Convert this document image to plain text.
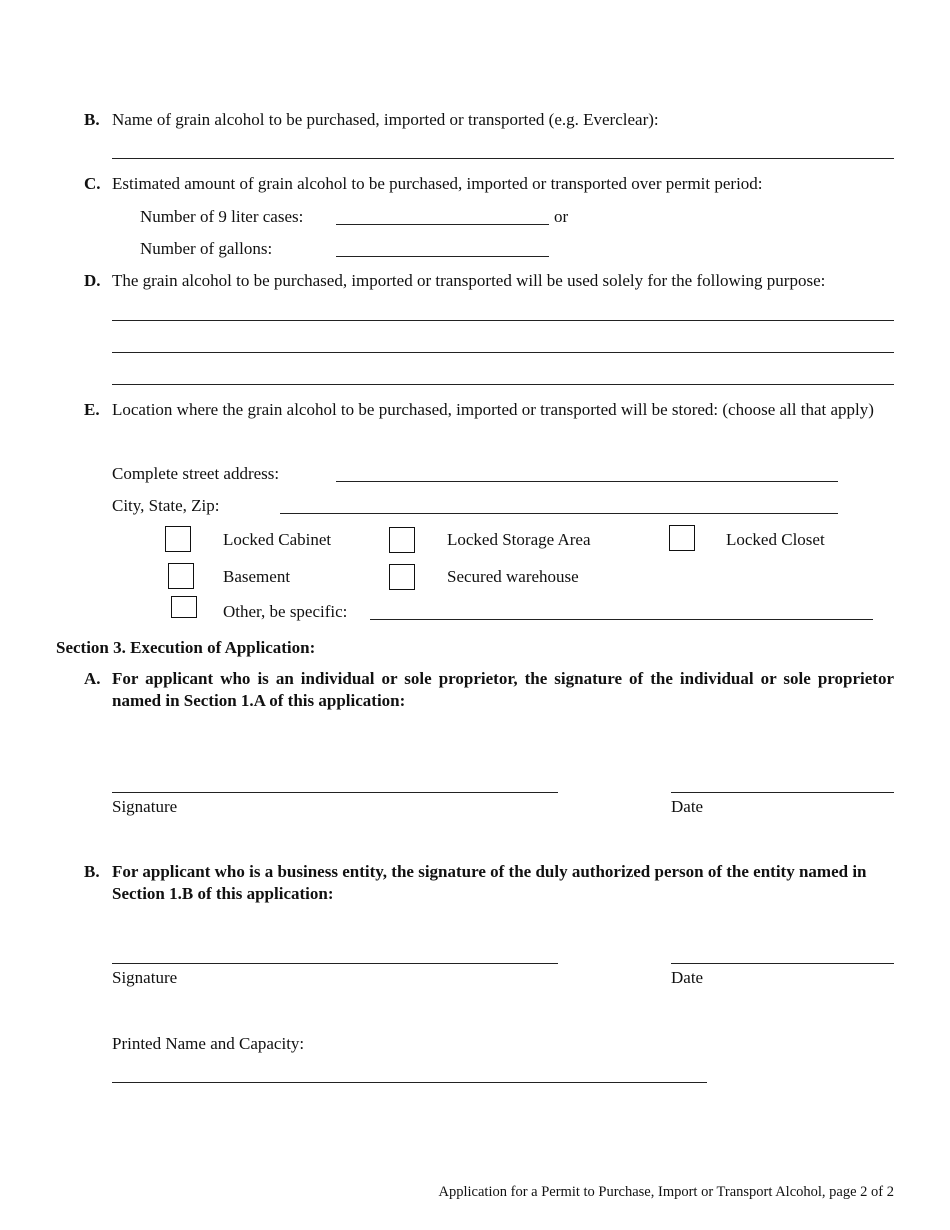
B. Name of grain alcohol to be purchased, imported or transported (e.g. Everclear):
C. Estimated amount of grain alcohol to be purchased, imported or transported over permit period:
Number of 9 liter cases:	or
Number of gallons:
D. The grain alcohol to be purchased, imported or transported will be used solely for the following purpose:
E. Location where the grain alcohol to be purchased, imported or transported will be stored: (choose all that apply)
Complete street address:
City, State, Zip:
Locked Cabinet	Locked Storage Area	Locked Closet
Basement	Secured warehouse
Other, be specific:
Section 3. Execution of Application:
A. For applicant who is an individual or sole proprietor, the signature of the individual or sole proprietor named in Section 1.A of this application:
Signature	Date
B. For applicant who is a business entity, the signature of the duly authorized person of the entity named in Section 1.B of this application:
Signature	Date
Printed Name and Capacity:
Application for a Permit to Purchase, Import or Transport Alcohol, page 2 of 2
